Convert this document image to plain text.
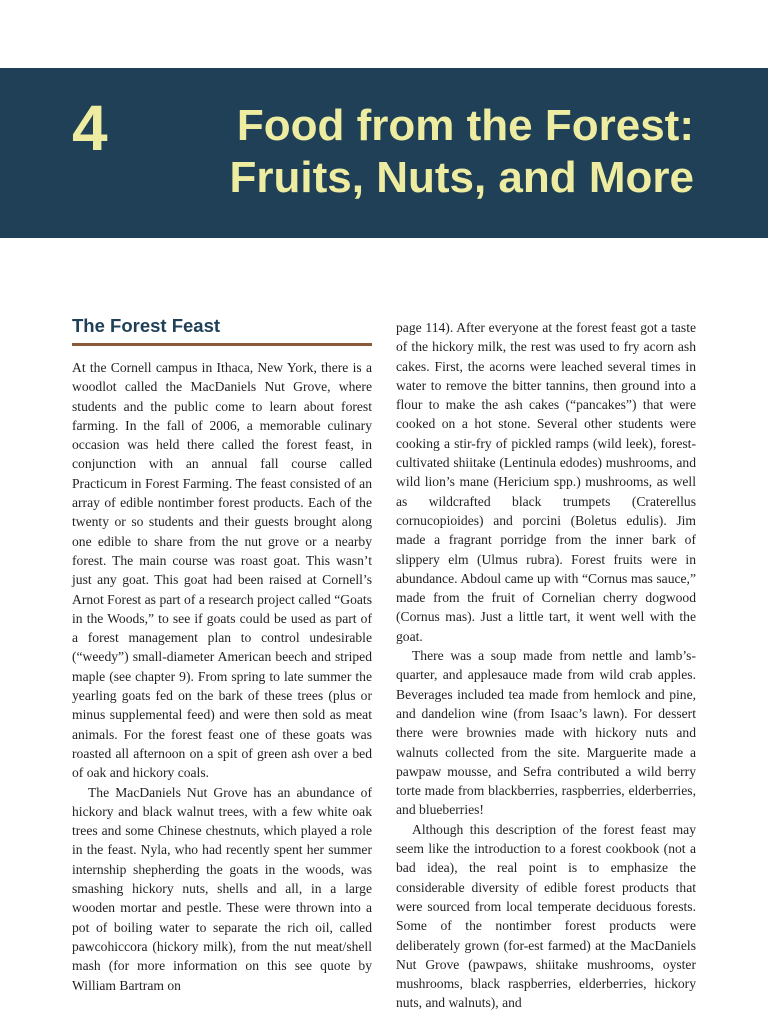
4	Food from the Forest:
Fruits, Nuts, and More
The Forest Feast

At the Cornell campus in Ithaca, New York, there is a woodlot called the MacDaniels Nut Grove, where students and the public come to learn about forest farming. In the fall of 2006, a memorable culinary occasion was held there called the forest feast, in conjunction with an annual fall course called Practicum in Forest Farming. The feast consisted of an array of edible nontimber forest products. Each of the twenty or so students and their guests brought along one edible to share from the nut grove or a nearby forest. The main course was roast goat. This wasn’t just any goat. This goat had been raised at Cornell’s Arnot Forest as part of a research project called “Goats in the Woods,” to see if goats could be used as part of a forest management plan to control undesirable (“weedy”) small-diameter American beech and striped maple (see chapter 9). From spring to late summer the yearling goats fed on the bark of these trees (plus or minus supplemental feed) and were then sold as meat animals. For the forest feast one of these goats was roasted all afternoon on a spit of green ash over a bed of oak and hickory coals.

The MacDaniels Nut Grove has an abundance of hickory and black walnut trees, with a few white oak trees and some Chinese chestnuts, which played a role in the feast. Nyla, who had recently spent her summer internship shepherding the goats in the woods, was smashing hickory nuts, shells and all, in a large wooden mortar and pestle. These were thrown into a pot of boiling water to separate the rich oil, called pawcohiccora (hickory milk), from the nut meat/shell mash (for more information on this see quote by William Bartram on

page 114). After everyone at the forest feast got a taste of the hickory milk, the rest was used to fry acorn ash cakes. First, the acorns were leached several times in water to remove the bitter tannins, then ground into a flour to make the ash cakes (“pancakes”) that were cooked on a hot stone. Several other students were cooking a stir-fry of pickled ramps (wild leek), forest-cultivated shiitake (Lentinula edodes) mushrooms, and wild lion’s mane (Hericium spp.) mushrooms, as well as wildcrafted black trumpets (Craterellus cornucopioides) and porcini (Boletus edulis). Jim made a fragrant porridge from the inner bark of slippery elm (Ulmus rubra). Forest fruits were in abundance. Abdoul came up with “Cornus mas sauce,” made from the fruit of Cornelian cherry dogwood (Cornus mas). Just a little tart, it went well with the goat.

There was a soup made from nettle and lamb’s-quarter, and applesauce made from wild crab apples. Beverages included tea made from hemlock and pine, and dandelion wine (from Isaac’s lawn). For dessert there were brownies made with hickory nuts and walnuts collected from the site. Marguerite made a pawpaw mousse, and Sefra contributed a wild berry torte made from blackberries, raspberries, elderberries, and blueberries!

Although this description of the forest feast may seem like the introduction to a forest cookbook (not a bad idea), the real point is to emphasize the considerable diversity of edible forest products that were sourced from local temperate deciduous forests. Some of the nontimber forest products were deliberately grown (for-est farmed) at the MacDaniels Nut Grove (pawpaws, shiitake mushrooms, oyster mushrooms, black raspberries, elderberries, hickory nuts, and walnuts), and
